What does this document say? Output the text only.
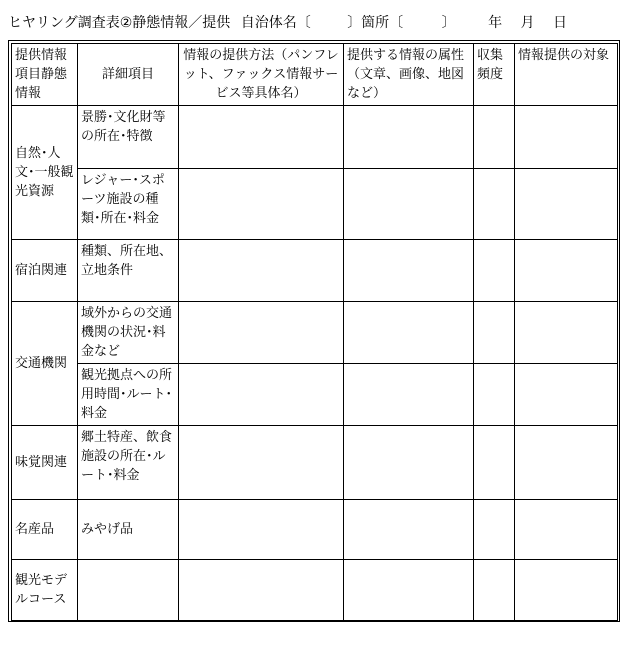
ヒヤリング調査表②静態情報／提供 自治体名〔	〕箇所〔	〕 年 月 日
提供情報項目静態情報	詳細項目	情報の提供方法（パンフレット、ファックス情報サービス等具体名）	提供する情報の属性（文章、画像、地図など）	収集頻度	情報提供の対象
自然･人文･一般観光資源	景勝･文化財等の所在･特徴				
	レジャー･スポーツ施設の種類･所在･料金				
宿泊関連	種類、所在地、立地条件				
交通機関	域外からの交通機関の状況･料金など				
	観光拠点への所用時間･ルート･料金				
味覚関連	郷土特産、飲食施設の所在･ルート･料金				
名産品	みやげ品				
観光モデルコース					
